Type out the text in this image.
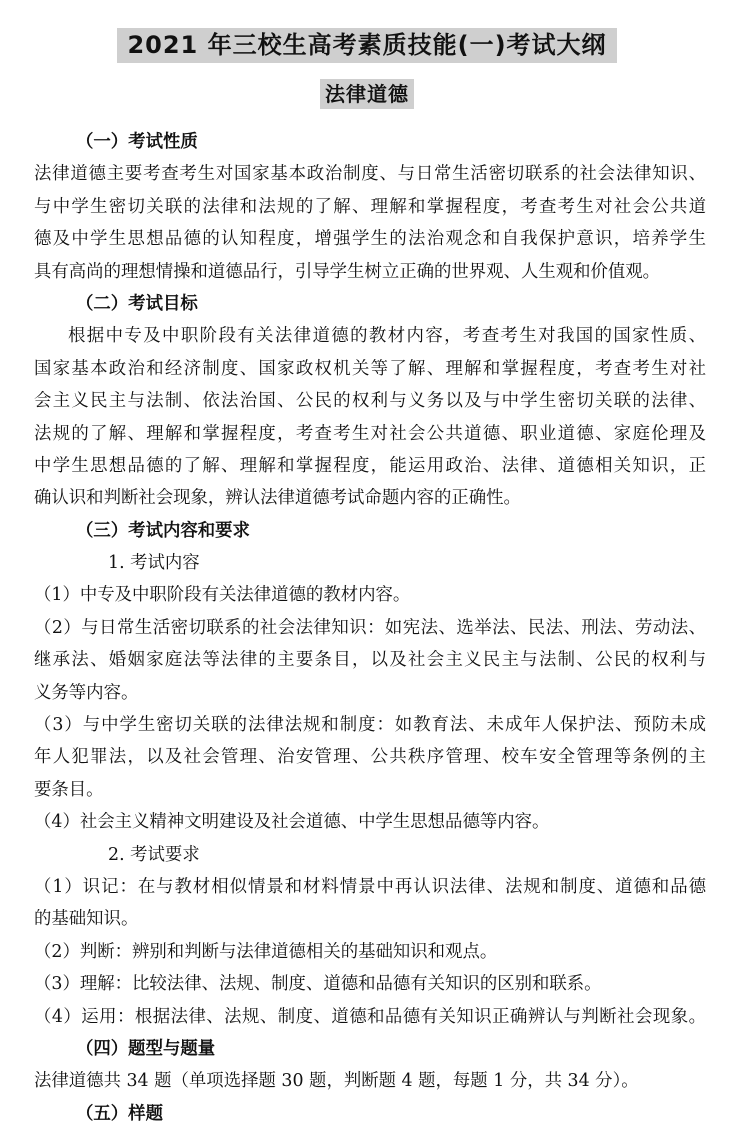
2021 年三校生高考素质技能(一)考试大纲
法律道德
（一）考试性质
法律道德主要考查考生对国家基本政治制度、与日常生活密切联系的社会法律知识、
与中学生密切关联的法律和法规的了解、理解和掌握程度，考查考生对社会公共道
德及中学生思想品德的认知程度，增强学生的法治观念和自我保护意识，培养学生
具有高尚的理想情操和道德品行，引导学生树立正确的世界观、人生观和价值观。
（二）考试目标
根据中专及中职阶段有关法律道德的教材内容，考查考生对我国的国家性质、
国家基本政治和经济制度、国家政权机关等了解、理解和掌握程度，考查考生对社
会主义民主与法制、依法治国、公民的权利与义务以及与中学生密切关联的法律、
法规的了解、理解和掌握程度，考查考生对社会公共道德、职业道德、家庭伦理及
中学生思想品德的了解、理解和掌握程度，能运用政治、法律、道德相关知识，正
确认识和判断社会现象，辨认法律道德考试命题内容的正确性。
（三）考试内容和要求
1. 考试内容
（1）中专及中职阶段有关法律道德的教材内容。
（2）与日常生活密切联系的社会法律知识：如宪法、选举法、民法、刑法、劳动法、
继承法、婚姻家庭法等法律的主要条目，以及社会主义民主与法制、公民的权利与
义务等内容。
（3）与中学生密切关联的法律法规和制度：如教育法、未成年人保护法、预防未成
年人犯罪法，以及社会管理、治安管理、公共秩序管理、校车安全管理等条例的主
要条目。
（4）社会主义精神文明建设及社会道德、中学生思想品德等内容。
2. 考试要求
（1）识记：在与教材相似情景和材料情景中再认识法律、法规和制度、道德和品德
的基础知识。
（2）判断：辨别和判断与法律道德相关的基础知识和观点。
（3）理解：比较法律、法规、制度、道德和品德有关知识的区别和联系。
（4）运用：根据法律、法规、制度、道德和品德有关知识正确辨认与判断社会现象。
（四）题型与题量
法律道德共 34 题（单项选择题 30 题，判断题 4 题，每题 1 分，共 34 分）。
（五）样题
